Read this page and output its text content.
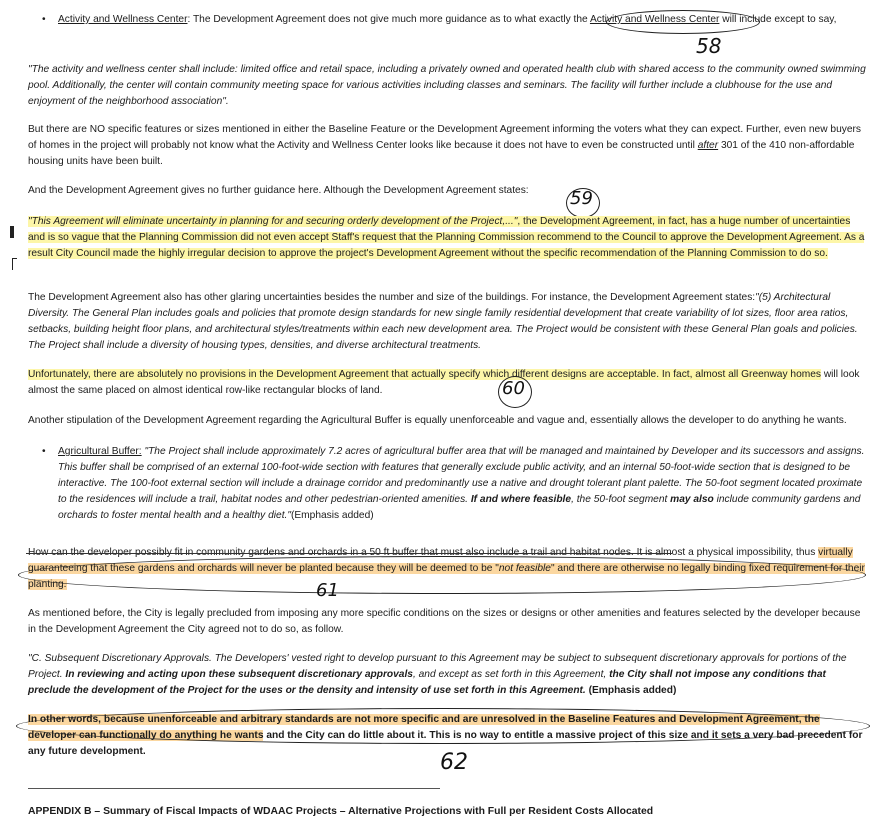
• Activity and Wellness Center: The Development Agreement does not give much more guidance as to what exactly the Activity and Wellness Center will include except to say,
58
"The activity and wellness center shall include: limited office and retail space, including a privately owned and operated health club with shared access to the community owned swimming pool. Additionally, the center will contain community meeting space for various activities including classes and seminars. The facility will further include a clubhouse for the use and enjoyment of the neighborhood association".
But there are NO specific features or sizes mentioned in either the Baseline Feature or the Development Agreement informing the voters what they can expect. Further, even new buyers of homes in the project will probably not know what the Activity and Wellness Center looks like because it does not have to even be constructed until after 301 of the 410 non-affordable housing units have been built.
And the Development Agreement gives no further guidance here. Although the Development Agreement states:	59
"This Agreement will eliminate uncertainty in planning for and securing orderly development of the Project,...", the Development Agreement, in fact, has a huge number of uncertainties and is so vague that the Planning Commission did not even accept Staff's request that the Planning Commission recommend to the Council to approve the Development Agreement. As a result City Council made the highly irregular decision to approve the project's Development Agreement without the specific recommendation of the Planning Commission to do so.
The Development Agreement also has other glaring uncertainties besides the number and size of the buildings. For instance, the Development Agreement states:"(5) Architectural Diversity. The General Plan includes goals and policies that promote design standards for new single family residential development that create variability of lot sizes, floor area ratios, setbacks, building height floor plans, and architectural styles/treatments within each new development area. The Project would be consistent with these General Plan goals and policies. The Project shall include a diversity of housing types, densities, and diverse architectural treatments.
Unfortunately, there are absolutely no provisions in the Development Agreement that actually specify which different designs are acceptable. In fact, almost all Greenway homes will look almost the same placed on almost identical row-like rectangular blocks of land.	60
Another stipulation of the Development Agreement regarding the Agricultural Buffer is equally unenforceable and vague and, essentially allows the developer to do anything he wants.
• Agricultural Buffer: "The Project shall include approximately 7.2 acres of agricultural buffer area that will be managed and maintained by Developer and its successors and assigns. This buffer shall be comprised of an external 100-foot-wide section with features that generally exclude public activity, and an internal 50-foot-wide section that is designed to be interactive. The 100-foot external section will include a drainage corridor and predominantly use a native and drought tolerant plant palette. The 50-foot segment located proximate to the residences will include a trail, habitat nodes and other pedestrian-oriented amenities. If and where feasible, the 50-foot segment may also include community gardens and orchards to foster mental health and a healthy diet."(Emphasis added)
a physical impossibility, thus virtually guaranteeing that these gardens and orchards will never be planted because they will be deemed to be "not feasible" and there are otherwise no legally binding fixed requirement for their planting.	61
As mentioned before, the City is legally precluded from imposing any more specific conditions on the sizes or designs or other amenities and features selected by the developer because in the Development Agreement the City agreed not to do so, as follow.
"C. Subsequent Discretionary Approvals. The Developers' vested right to develop pursuant to this Agreement may be subject to subsequent discretionary approvals for portions of the Project. In reviewing and acting upon these subsequent discretionary approvals, and except as set forth in this Agreement, the City shall not impose any conditions that preclude the development of the Project for the uses or the density and intensity of use set forth in this Agreement. (Emphasis added)
In other words, because unenforceable and arbitrary standards are not more specific and are unresolved in the Baseline Features and Development Agreement, the developer can functionally do anything he wants and the City can do little about it. This is no way to entitle a massive project of this size and it sets a very bad precedent for any future development.	62
APPENDIX B – Summary of Fiscal Impacts of WDAAC Projects – Alternative Projections with Full per Resident Costs Allocated
